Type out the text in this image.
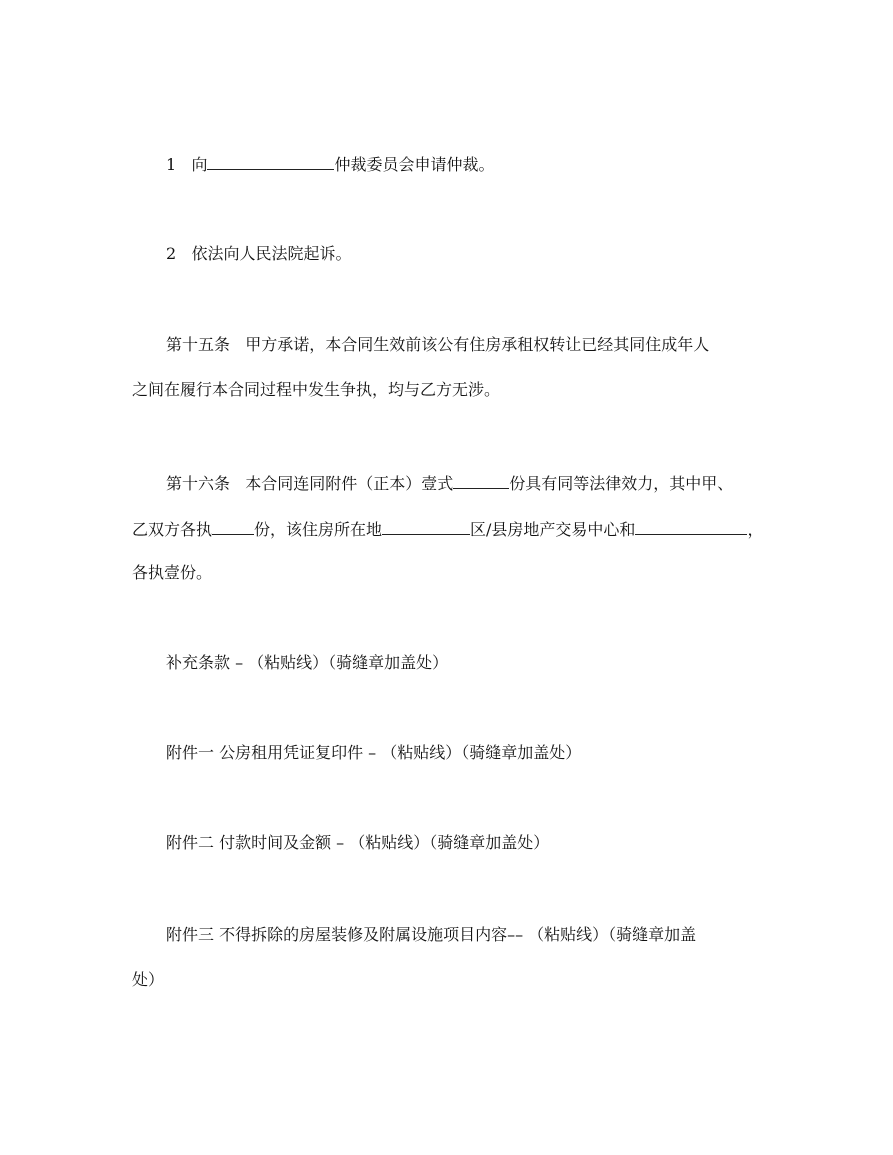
1 向	仲裁委员会申请仲裁。
2 依法向人民法院起诉。
第十五条 甲方承诺，本合同生效前该公有住房承租权转让已经其同住成年人
之间在履行本合同过程中发生争执，均与乙方无涉。
第十六条 本合同连同附件（正本）壹式	份具有同等法律效力，其中甲、
乙双方各执	份，该住房所在地	区/县房地产交易中心和	，
各执壹份。
补充条款 – （粘贴线）（骑缝章加盖处）
附件一 公房租用凭证复印件 – （粘贴线）（骑缝章加盖处）
附件二 付款时间及金额 – （粘贴线）（骑缝章加盖处）
附件三 不得拆除的房屋装修及附属设施项目内容–– （粘贴线）（骑缝章加盖
处）
